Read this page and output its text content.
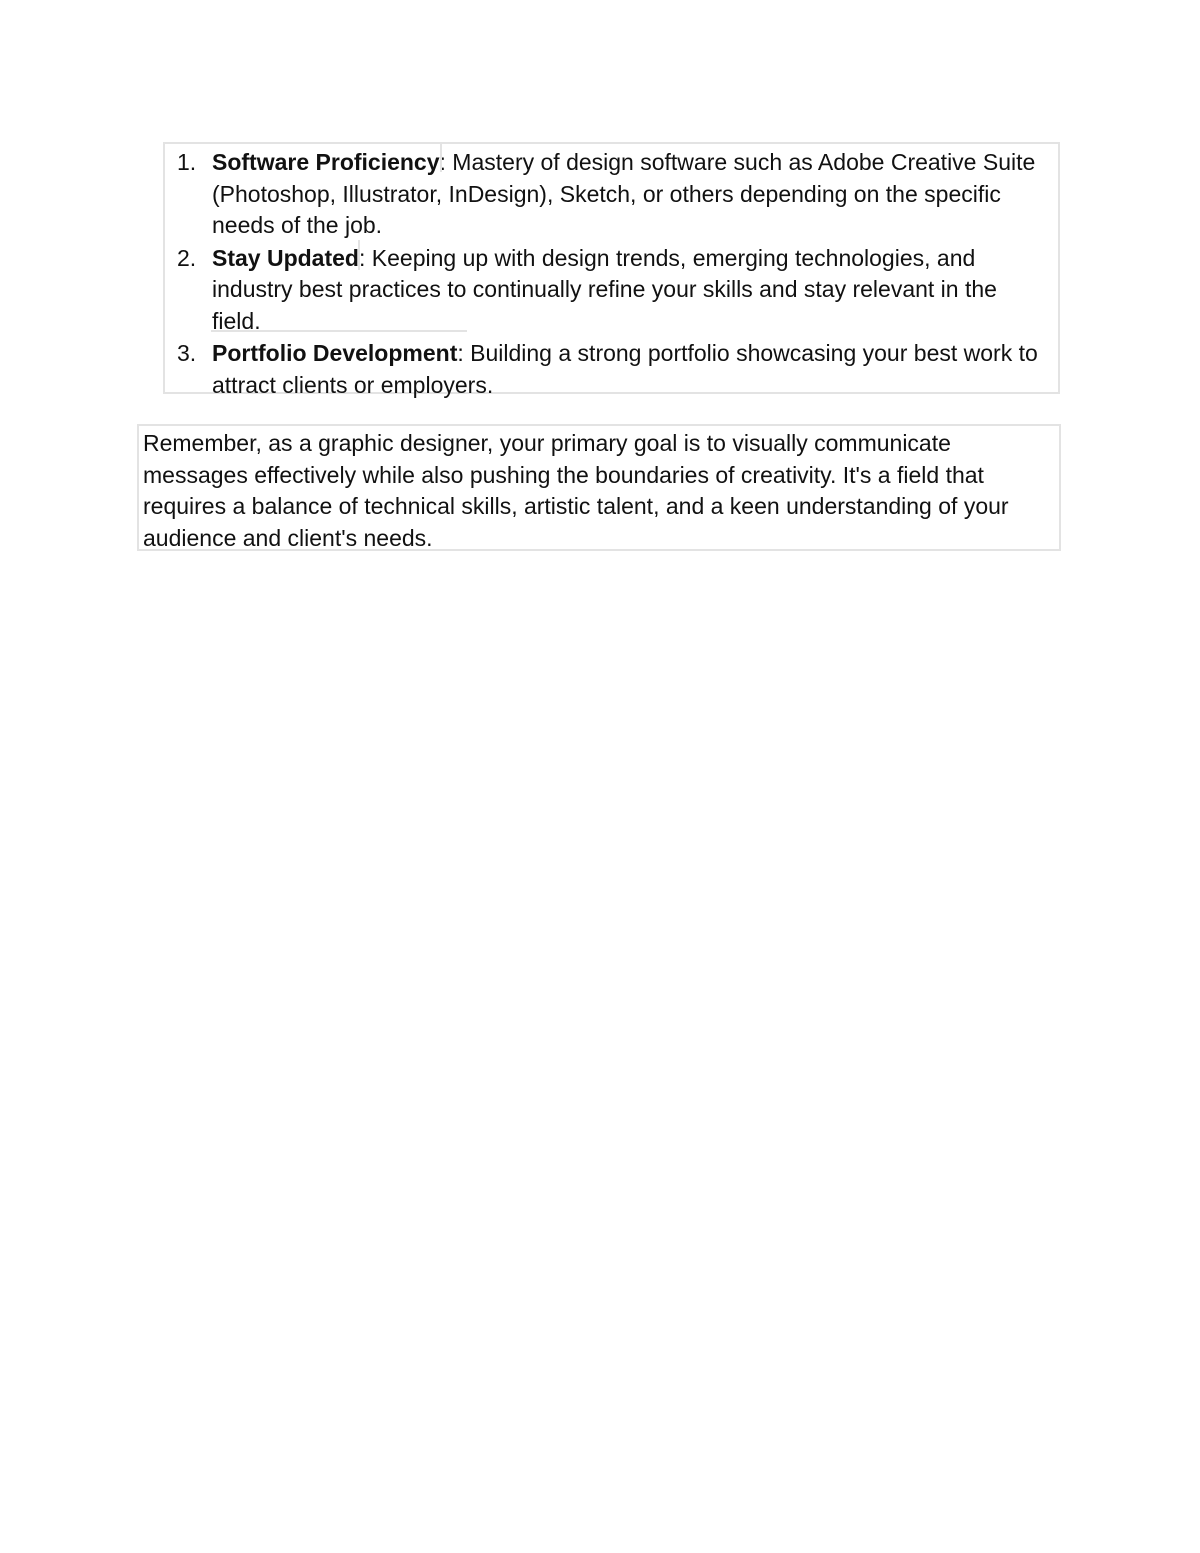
1. Software Proficiency: Mastery of design software such as Adobe Creative Suite (Photoshop, Illustrator, InDesign), Sketch, or others depending on the specific needs of the job.
2. Stay Updated: Keeping up with design trends, emerging technologies, and industry best practices to continually refine your skills and stay relevant in the field.
3. Portfolio Development: Building a strong portfolio showcasing your best work to attract clients or employers.
Remember, as a graphic designer, your primary goal is to visually communicate messages effectively while also pushing the boundaries of creativity. It's a field that requires a balance of technical skills, artistic talent, and a keen understanding of your audience and client's needs.
